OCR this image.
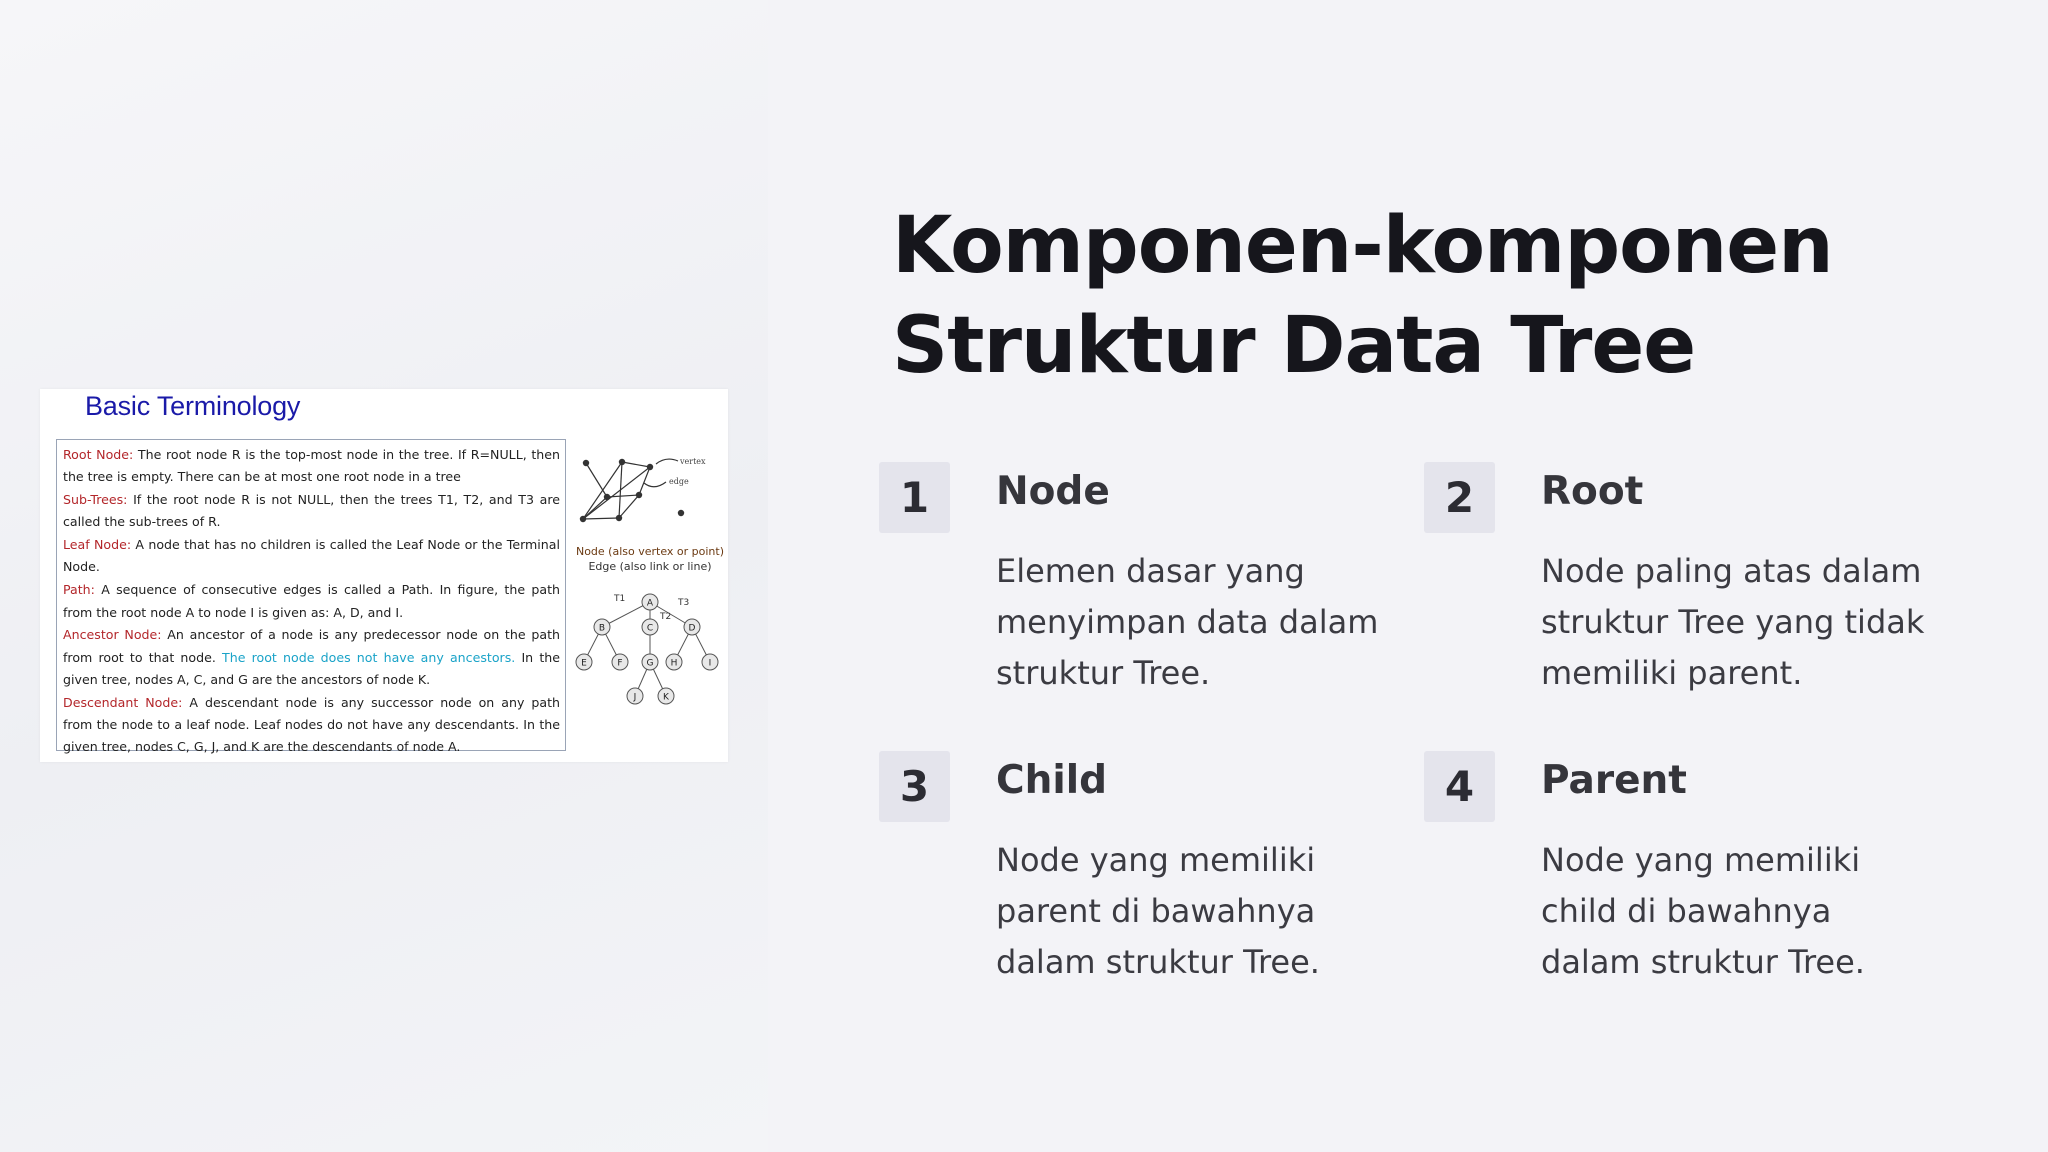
Basic Terminology

Root Node: The root node R is the top-most node in the tree. If R=NULL, then the tree is empty. There can be at most one root node in a tree

Sub-Trees: If the root node R is not NULL, then the trees T1, T2, and T3 are called the sub-trees of R.

Leaf Node: A node that has no children is called the Leaf Node or the Terminal Node.

Path: A sequence of consecutive edges is called a Path. In figure, the path from the root node A to node I is given as: A, D, and I.

Ancestor Node: An ancestor of a node is any predecessor node on the path from root to that node. The root node does not have any ancestors. In the given tree, nodes A, C, and G are the ancestors of node K.

Descendant Node: A descendant node is any successor node on any path from the node to a leaf node. Leaf nodes do not have any descendants. In the given tree, nodes C, G, J, and K are the descendants of node A.

vertex
edge
Node (also vertex or point)
Edge (also link or line)
A
B	C	D
E	F	G H	I
J	K
T1
T2
T3
Komponen-komponen
Struktur Data Tree
1	Node
Elemen dasar yang menyimpan data dalam struktur Tree.
2	Root
Node paling atas dalam struktur Tree yang tidak memiliki parent.
3	Child
Node yang memiliki parent di bawahnya dalam struktur Tree.
4	Parent
Node yang memiliki child di bawahnya dalam struktur Tree.
